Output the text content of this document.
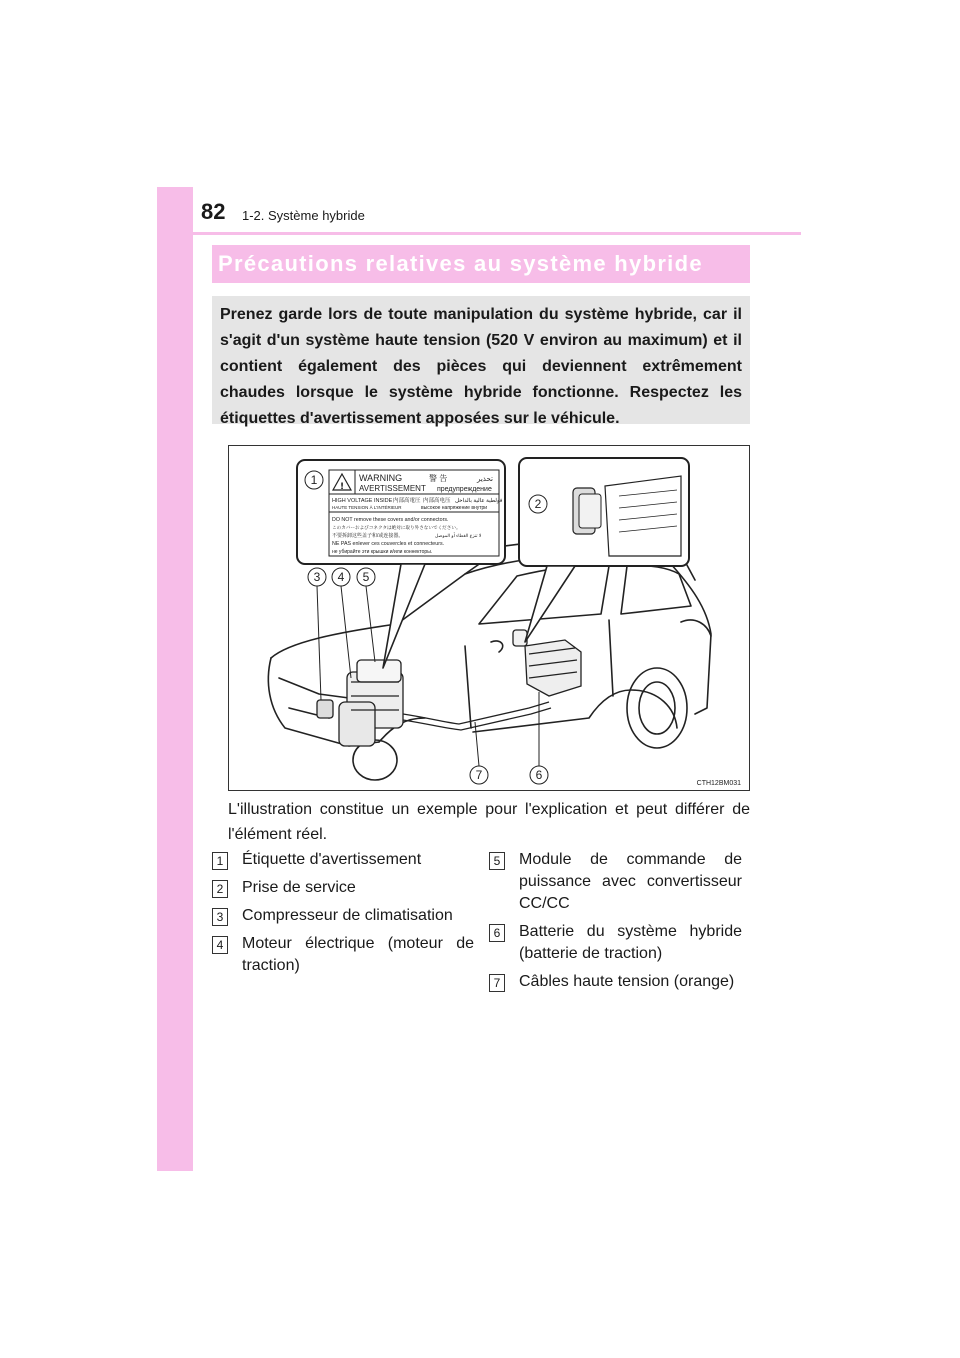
82 1-2. Système hybride
Précautions relatives au système hybride
Prenez garde lors de toute manipulation du système hybride, car il s'agit d'un système haute tension (520 V environ au maximum) et il contient également des pièces qui deviennent extrêmement chaudes lorsque le système hybride fonctionne. Respectez les étiquettes d'avertissement apposées sur le véhicule.
!
WARNING	警 告	تحذير
AVERTISSEMENT предупреждение
HIGH VOLTAGE INSIDE 内部高電圧 内部高电压 فولطية عالية بالداخل
HAUTE TENSION À L'INTÉRIEUR	высокое напряжение внутри
DO NOT remove these covers and/or connectors.
このカバーおよびコネクタは絶対に取り外さないでください。
不要拆卸这些盖子和/或连接器。	لا تنزع الغطاء أو الموصل
NE PAS enlever ces couvercles et connecteurs.
не убирайте эти крышки и/или коннекторы.
1
2
3 4 5
6
7
CTH12BM031
L'illustration constitue un exemple pour l'explication et peut différer de l'élément réel.
1 Étiquette d'avertissement
2 Prise de service
3 Compresseur de climatisation
4 Moteur électrique (moteur de traction)
5 Module de commande de puissance avec convertisseur CC/CC
6 Batterie du système hybride (batterie de traction)
7 Câbles haute tension (orange)
